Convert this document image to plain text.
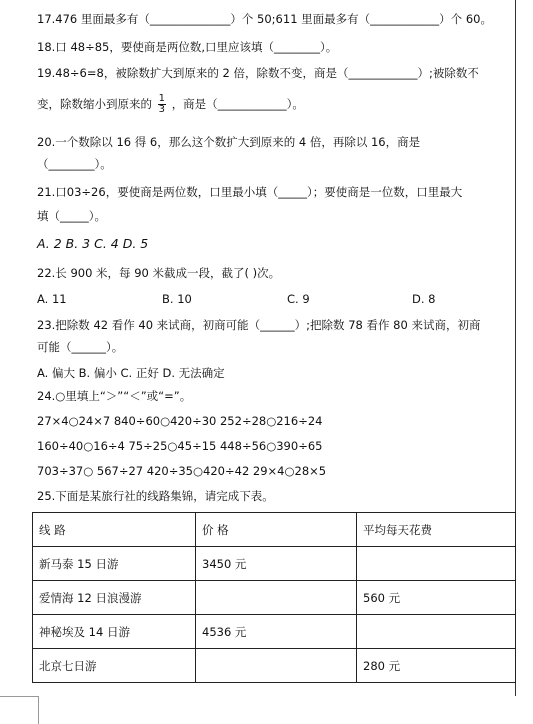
17.476 里面最多有（______________）个 50;611 里面最多有（____________）个 60。
18.口 48÷85，要使商是两位数,口里应该填（________）。
19.48÷6=8，被除数扩大到原来的 2 倍，除数不变，商是（____________）;被除数不
变，除数缩小到原来的 $\frac{1}{3}$ ，商是（____________）。
20.一个数除以 16 得 6，那么这个数扩大到原来的 4 倍，再除以 16，商是
（________）。
21.口03÷26，要使商是两位数，口里最小填（_____）；要使商是一位数，口里最大
填（_____）。
A. 2 B. 3 C. 4 D. 5
22.长 900 米，每 90 米截成一段，截了( )次。
A. 11	B. 10	C. 9	D. 8
23.把除数 42 看作 40 来试商，初商可能（______）;把除数 78 看作 80 来试商，初商
可能（______）。
A. 偏大 B. 偏小 C. 正好 D. 无法确定
24.○里填上“＞”“＜”或“=”。
27×4○24×7 840÷60○420÷30 252÷28○216÷24
160÷40○16÷4 75÷25○45÷15 448÷56○390÷65
703÷37○ 567÷27 420÷35○420÷42 29×4○28×5
25.下面是某旅行社的线路集锦，请完成下表。
线 路	价 格	平均每天花费
新马泰 15 日游	3450 元	
爱情海 12 日浪漫游		560 元
神秘埃及 14 日游	4536 元	
北京七日游		280 元
